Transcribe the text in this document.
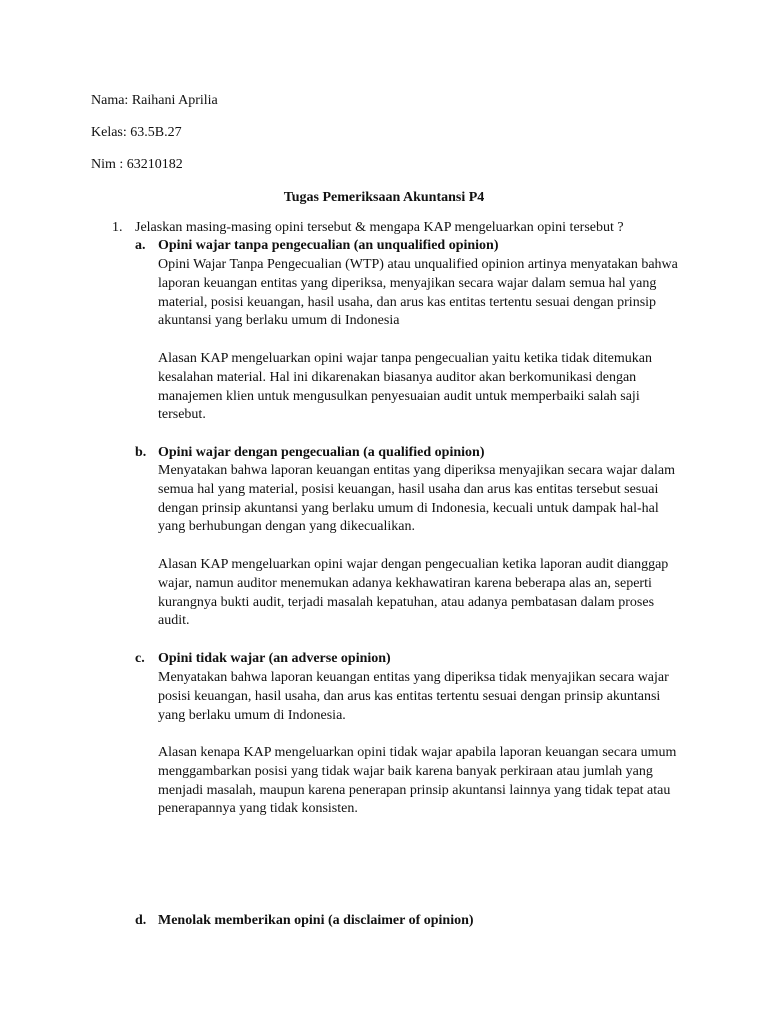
Nama: Raihani Aprilia
Kelas: 63.5B.27
Nim : 63210182
Tugas Pemeriksaan Akuntansi P4
1. Jelaskan masing-masing opini tersebut & mengapa KAP mengeluarkan opini tersebut ?
a. Opini wajar tanpa pengecualian (an unqualified opinion)
Opini Wajar Tanpa Pengecualian (WTP) atau unqualified opinion artinya menyatakan bahwa
laporan keuangan entitas yang diperiksa, menyajikan secara wajar dalam semua hal yang
material, posisi keuangan, hasil usaha, dan arus kas entitas tertentu sesuai dengan prinsip
akuntansi yang berlaku umum di Indonesia
Alasan KAP mengeluarkan opini wajar tanpa pengecualian yaitu ketika tidak ditemukan
kesalahan material. Hal ini dikarenakan biasanya auditor akan berkomunikasi dengan
manajemen klien untuk mengusulkan penyesuaian audit untuk memperbaiki salah saji
tersebut.
b. Opini wajar dengan pengecualian (a qualified opinion)
Menyatakan bahwa laporan keuangan entitas yang diperiksa menyajikan secara wajar dalam
semua hal yang material, posisi keuangan, hasil usaha dan arus kas entitas tersebut sesuai
dengan prinsip akuntansi yang berlaku umum di Indonesia, kecuali untuk dampak hal-hal
yang berhubungan dengan yang dikecualikan.
Alasan KAP mengeluarkan opini wajar dengan pengecualian ketika laporan audit dianggap
wajar, namun auditor menemukan adanya kekhawatiran karena beberapa alas an, seperti
kurangnya bukti audit, terjadi masalah kepatuhan, atau adanya pembatasan dalam proses
audit.
c. Opini tidak wajar (an adverse opinion)
Menyatakan bahwa laporan keuangan entitas yang diperiksa tidak menyajikan secara wajar
posisi keuangan, hasil usaha, dan arus kas entitas tertentu sesuai dengan prinsip akuntansi
yang berlaku umum di Indonesia.
Alasan kenapa KAP mengeluarkan opini tidak wajar apabila laporan keuangan secara umum
menggambarkan posisi yang tidak wajar baik karena banyak perkiraan atau jumlah yang
menjadi masalah, maupun karena penerapan prinsip akuntansi lainnya yang tidak tepat atau
penerapannya yang tidak konsisten.
d. Menolak memberikan opini (a disclaimer of opinion)
